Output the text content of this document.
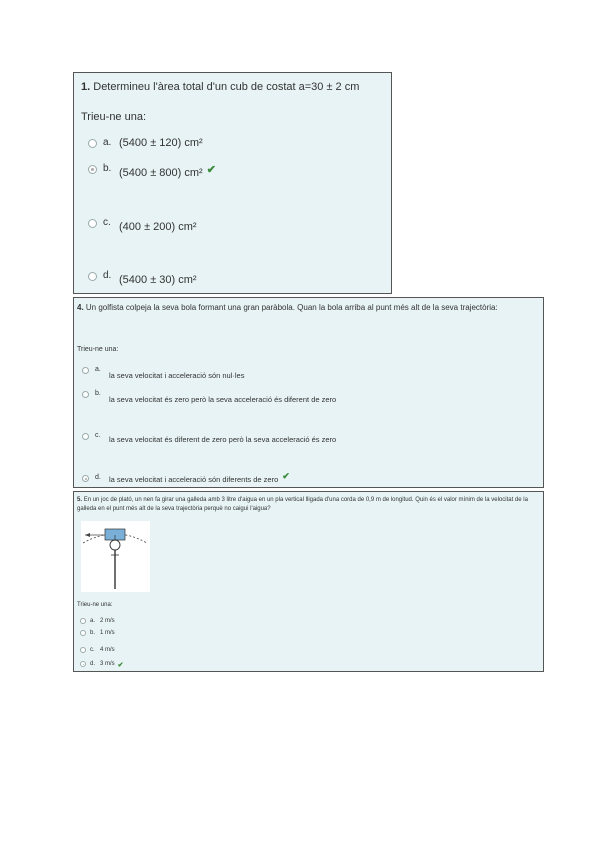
1. Determineu l'àrea total d'un cub de costat a=30 ± 2 cm
Trieu-ne una:
a. (5400 ± 120) cm²
b. (5400 ± 800) cm² ✔
c. (400 ± 200) cm²
d. (5400 ± 30) cm²
4. Un golfista colpeja la seva bola formant una gran paràbola. Quan la bola arriba al punt més alt de la seva trajectòria:
Trieu-ne una:
a.
la seva velocitat i acceleració són nul·les
b.
la seva velocitat és zero però la seva acceleració és diferent de zero
c.	la seva velocitat és diferent de zero però la seva acceleració és zero
d.	la seva velocitat i acceleració són diferents de zero ✔
5. En un joc de plató, un nen fa girar una galleda amb 3 litre d'aigua en un pla vertical lligada d'una corda de 0,9 m de longitud. Quin és el valor mínim de la velocitat de la galleda en el punt més alt de la seva trajectòria perquè no caigui l'aigua?
Trieu-ne una:
a. 2 m/s
b. 1 m/s
c. 4 m/s
d. 3 m/s ✔
